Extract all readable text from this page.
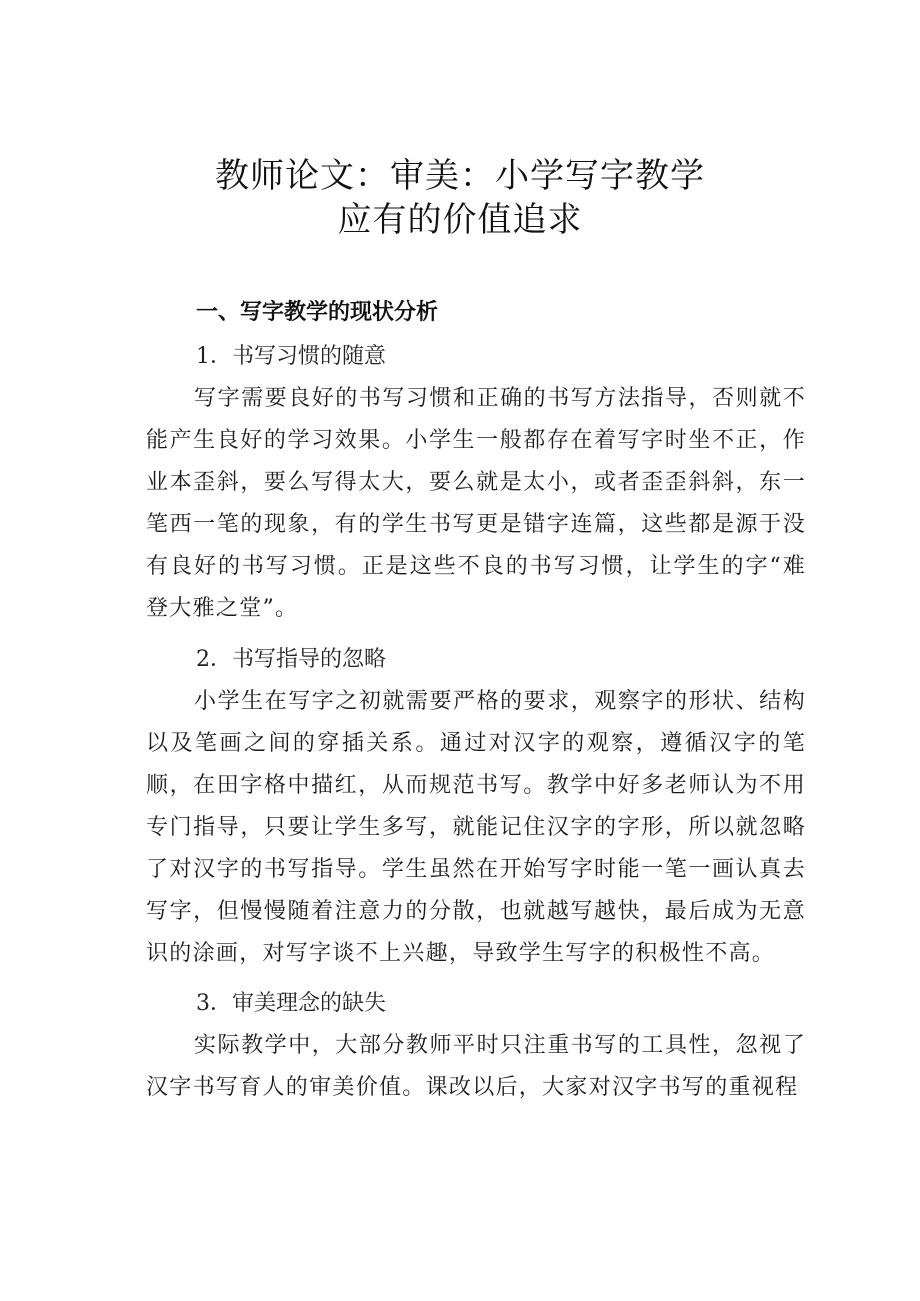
教师论文：审美：小学写字教学
应有的价值追求
一、写字教学的现状分析
1．书写习惯的随意

写字需要良好的书写习惯和正确的书写方法指导，否则就不能产生良好的学习效果。小学生一般都存在着写字时坐不正，作业本歪斜，要么写得太大，要么就是太小，或者歪歪斜斜，东一笔西一笔的现象，有的学生书写更是错字连篇，这些都是源于没有良好的书写习惯。正是这些不良的书写习惯，让学生的字“难登大雅之堂”。

2．书写指导的忽略

小学生在写字之初就需要严格的要求，观察字的形状、结构以及笔画之间的穿插关系。通过对汉字的观察，遵循汉字的笔顺，在田字格中描红，从而规范书写。教学中好多老师认为不用专门指导，只要让学生多写，就能记住汉字的字形，所以就忽略了对汉字的书写指导。学生虽然在开始写字时能一笔一画认真去写字，但慢慢随着注意力的分散，也就越写越快，最后成为无意识的涂画，对写字谈不上兴趣，导致学生写字的积极性不高。

3．审美理念的缺失

实际教学中，大部分教师平时只注重书写的工具性，忽视了汉字书写育人的审美价值。课改以后，大家对汉字书写的重视程
